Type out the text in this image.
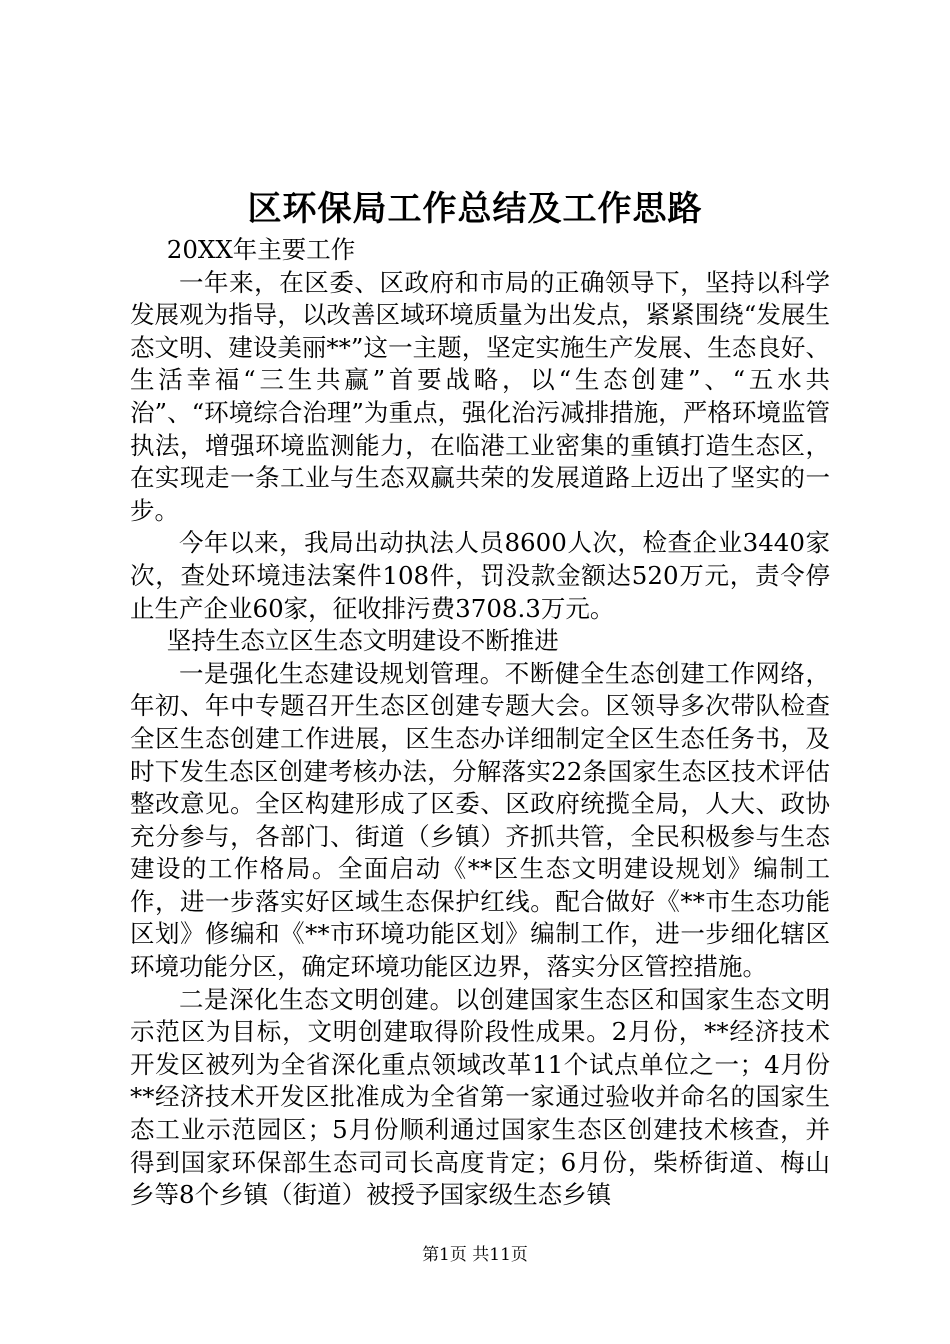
区环保局工作总结及工作思路

20XX年主要工作

一年来，在区委、区政府和市局的正确领导下，坚持以科学发展观为指导，以改善区域环境质量为出发点，紧紧围绕“发展生态文明、建设美丽**”这一主题，坚定实施生产发展、生态良好、生活幸福“三生共赢”首要战略，以“生态创建”、“五水共治”、“环境综合治理”为重点，强化治污减排措施，严格环境监管执法，增强环境监测能力，在临港工业密集的重镇打造生态区，在实现走一条工业与生态双赢共荣的发展道路上迈出了坚实的一步。

今年以来，我局出动执法人员8600人次，检查企业3440家次，查处环境违法案件108件，罚没款金额达520万元，责令停止生产企业60家，征收排污费3708.3万元。

坚持生态立区生态文明建设不断推进

一是强化生态建设规划管理。不断健全生态创建工作网络，年初、年中专题召开生态区创建专题大会。区领导多次带队检查全区生态创建工作进展，区生态办详细制定全区生态任务书，及时下发生态区创建考核办法，分解落实22条国家生态区技术评估整改意见。全区构建形成了区委、区政府统揽全局，人大、政协充分参与，各部门、街道（乡镇）齐抓共管，全民积极参与生态建设的工作格局。全面启动《**区生态文明建设规划》编制工作，进一步落实好区域生态保护红线。配合做好《**市生态功能区划》修编和《**市环境功能区划》编制工作，进一步细化辖区环境功能分区，确定环境功能区边界，落实分区管控措施。

二是深化生态文明创建。以创建国家生态区和国家生态文明示范区为目标，文明创建取得阶段性成果。2月份，**经济技术开发区被列为全省深化重点领域改革11个试点单位之一；4月份**经济技术开发区批准成为全省第一家通过验收并命名的国家生态工业示范园区；5月份顺利通过国家生态区创建技术核查，并得到国家环保部生态司司长高度肯定；6月份，柴桥街道、梅山乡等8个乡镇（街道）被授予国家级生态乡镇

第1页 共11页
